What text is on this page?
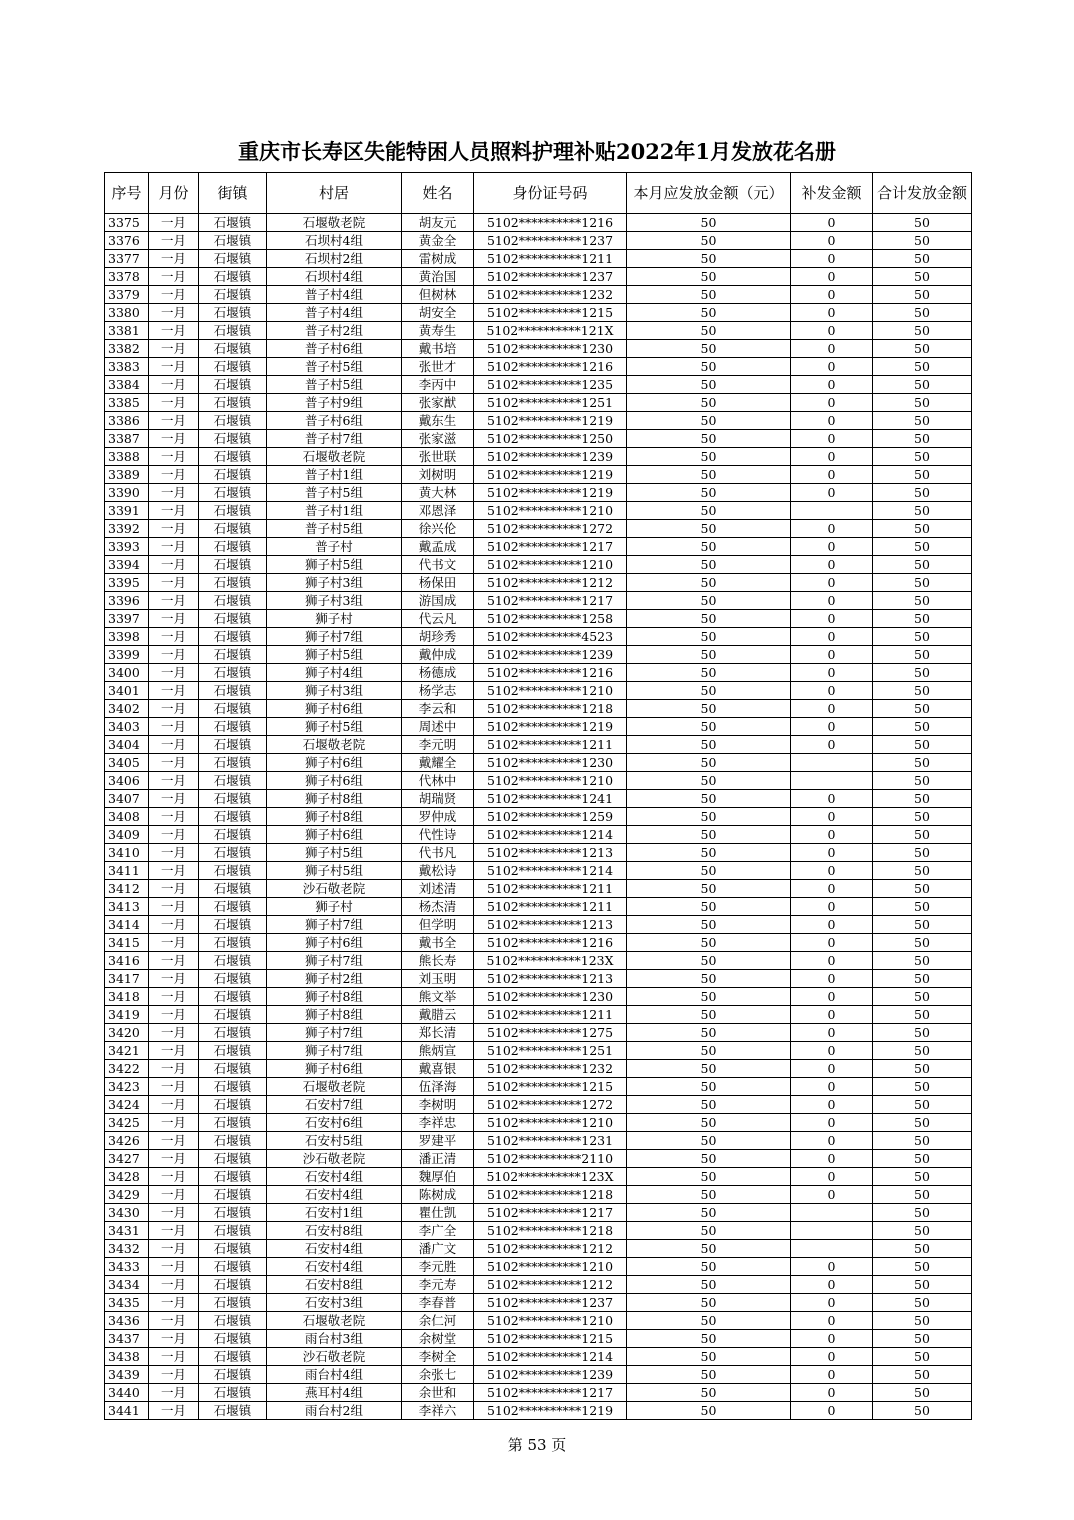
重庆市长寿区失能特困人员照料护理补贴2022年1月发放花名册
序号	月份	街镇	村居	姓名	身份证号码	本月应发放金额（元）	补发金额	合计发放金额
3375	一月	石堰镇	石堰敬老院	胡友元	5102**********1216	50	0	50
3376	一月	石堰镇	石坝村4组	黄金全	5102**********1237	50	0	50
3377	一月	石堰镇	石坝村2组	雷树成	5102**********1211	50	0	50
3378	一月	石堰镇	石坝村4组	黄治国	5102**********1237	50	0	50
3379	一月	石堰镇	普子村4组	但树林	5102**********1232	50	0	50
3380	一月	石堰镇	普子村4组	胡安全	5102**********1215	50	0	50
3381	一月	石堰镇	普子村2组	黄寿生	5102**********121X	50	0	50
3382	一月	石堰镇	普子村6组	戴书培	5102**********1230	50	0	50
3383	一月	石堰镇	普子村5组	张世才	5102**********1216	50	0	50
3384	一月	石堰镇	普子村5组	李丙中	5102**********1235	50	0	50
3385	一月	石堰镇	普子村9组	张家猷	5102**********1251	50	0	50
3386	一月	石堰镇	普子村6组	戴东生	5102**********1219	50	0	50
3387	一月	石堰镇	普子村7组	张家滋	5102**********1250	50	0	50
3388	一月	石堰镇	石堰敬老院	张世联	5102**********1239	50	0	50
3389	一月	石堰镇	普子村1组	刘树明	5102**********1219	50	0	50
3390	一月	石堰镇	普子村5组	黄大林	5102**********1219	50	0	50
3391	一月	石堰镇	普子村1组	邓恩泽	5102**********1210	50		50
3392	一月	石堰镇	普子村5组	徐兴伦	5102**********1272	50	0	50
3393	一月	石堰镇	普子村	戴孟成	5102**********1217	50	0	50
3394	一月	石堰镇	狮子村5组	代书文	5102**********1210	50	0	50
3395	一月	石堰镇	狮子村3组	杨保田	5102**********1212	50	0	50
3396	一月	石堰镇	狮子村3组	游国成	5102**********1217	50	0	50
3397	一月	石堰镇	狮子村	代云凡	5102**********1258	50	0	50
3398	一月	石堰镇	狮子村7组	胡珍秀	5102**********4523	50	0	50
3399	一月	石堰镇	狮子村5组	戴仲成	5102**********1239	50	0	50
3400	一月	石堰镇	狮子村4组	杨德成	5102**********1216	50	0	50
3401	一月	石堰镇	狮子村3组	杨学志	5102**********1210	50	0	50
3402	一月	石堰镇	狮子村6组	李云和	5102**********1218	50	0	50
3403	一月	石堰镇	狮子村5组	周述中	5102**********1219	50	0	50
3404	一月	石堰镇	石堰敬老院	李元明	5102**********1211	50	0	50
3405	一月	石堰镇	狮子村6组	戴耀全	5102**********1230	50		50
3406	一月	石堰镇	狮子村6组	代林中	5102**********1210	50		50
3407	一月	石堰镇	狮子村8组	胡瑞贤	5102**********1241	50	0	50
3408	一月	石堰镇	狮子村8组	罗仲成	5102**********1259	50	0	50
3409	一月	石堰镇	狮子村6组	代性诗	5102**********1214	50	0	50
3410	一月	石堰镇	狮子村5组	代书凡	5102**********1213	50	0	50
3411	一月	石堰镇	狮子村5组	戴松诗	5102**********1214	50	0	50
3412	一月	石堰镇	沙石敬老院	刘述清	5102**********1211	50	0	50
3413	一月	石堰镇	狮子村	杨杰清	5102**********1211	50	0	50
3414	一月	石堰镇	狮子村7组	但学明	5102**********1213	50	0	50
3415	一月	石堰镇	狮子村6组	戴书全	5102**********1216	50	0	50
3416	一月	石堰镇	狮子村7组	熊长寿	5102**********123X	50	0	50
3417	一月	石堰镇	狮子村2组	刘玉明	5102**********1213	50	0	50
3418	一月	石堰镇	狮子村8组	熊文举	5102**********1230	50	0	50
3419	一月	石堰镇	狮子村8组	戴腊云	5102**********1211	50	0	50
3420	一月	石堰镇	狮子村7组	郑长清	5102**********1275	50	0	50
3421	一月	石堰镇	狮子村7组	熊炳宣	5102**********1251	50	0	50
3422	一月	石堰镇	狮子村6组	戴喜银	5102**********1232	50	0	50
3423	一月	石堰镇	石堰敬老院	伍泽海	5102**********1215	50	0	50
3424	一月	石堰镇	石安村7组	李树明	5102**********1272	50	0	50
3425	一月	石堰镇	石安村6组	李祥忠	5102**********1210	50	0	50
3426	一月	石堰镇	石安村5组	罗建平	5102**********1231	50	0	50
3427	一月	石堰镇	沙石敬老院	潘正清	5102**********2110	50	0	50
3428	一月	石堰镇	石安村4组	魏厚伯	5102**********123X	50	0	50
3429	一月	石堰镇	石安村4组	陈树成	5102**********1218	50	0	50
3430	一月	石堰镇	石安村1组	瞿仕凯	5102**********1217	50		50
3431	一月	石堰镇	石安村8组	李广全	5102**********1218	50		50
3432	一月	石堰镇	石安村4组	潘广文	5102**********1212	50		50
3433	一月	石堰镇	石安村4组	李元胜	5102**********1210	50	0	50
3434	一月	石堰镇	石安村8组	李元寿	5102**********1212	50	0	50
3435	一月	石堰镇	石安村3组	李春普	5102**********1237	50	0	50
3436	一月	石堰镇	石堰敬老院	余仁河	5102**********1210	50	0	50
3437	一月	石堰镇	雨台村3组	余树堂	5102**********1215	50	0	50
3438	一月	石堰镇	沙石敬老院	李树全	5102**********1214	50	0	50
3439	一月	石堰镇	雨台村4组	余张七	5102**********1239	50	0	50
3440	一月	石堰镇	燕耳村4组	余世和	5102**********1217	50	0	50
3441	一月	石堰镇	雨台村2组	李祥六	5102**********1219	50	0	50
第 53 页
